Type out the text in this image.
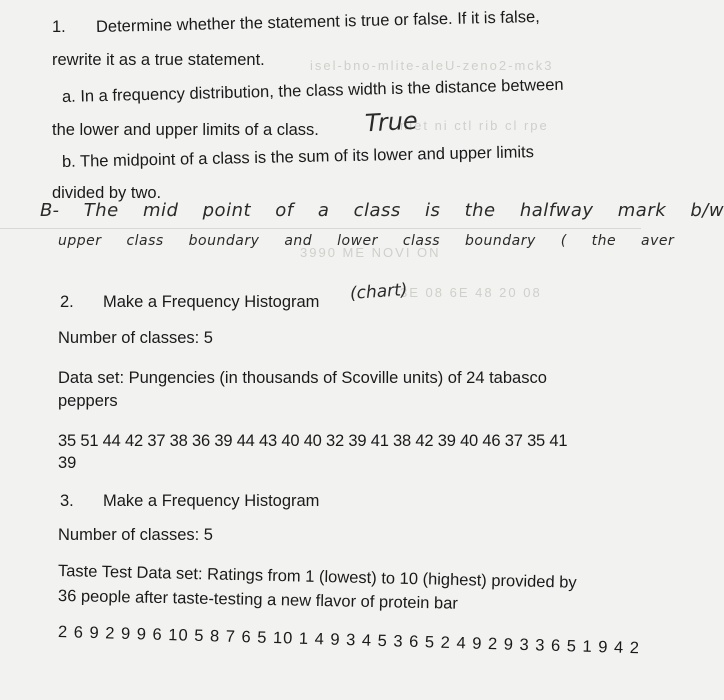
isel-bno-mlite-aleU-zeno2-mck3
nlet ni ctl rib cl rpe
3990 ME NOVI ON
3E 08 6E 48 20 08
1. Determine whether the statement is true or false. If it is false,
rewrite it as a true statement.
a. In a frequency distribution, the class width is the distance between
the lower and upper limits of a class. True
b. The midpoint of a class is the sum of its lower and upper limits
divided by two.
B- The mid point of a class is the halfway mark b/w
upper class boundary and lower class boundary ( the aver
2. Make a Frequency Histogram (chart)
Number of classes: 5
Data set: Pungencies (in thousands of Scoville units) of 24 tabasco
peppers
35 51 44 42 37 38 36 39 44 43 40 40 32 39 41 38 42 39 40 46 37 35 41
39
3. Make a Frequency Histogram
Number of classes: 5
Taste Test Data set: Ratings from 1 (lowest) to 10 (highest) provided by
36 people after taste-testing a new flavor of protein bar
2 6 9 2 9 9 6 10 5 8 7 6 5 10 1 4 9 3 4 5 3 6 5 2 4 9 2 9 3 3 6 5 1 9 4 2
